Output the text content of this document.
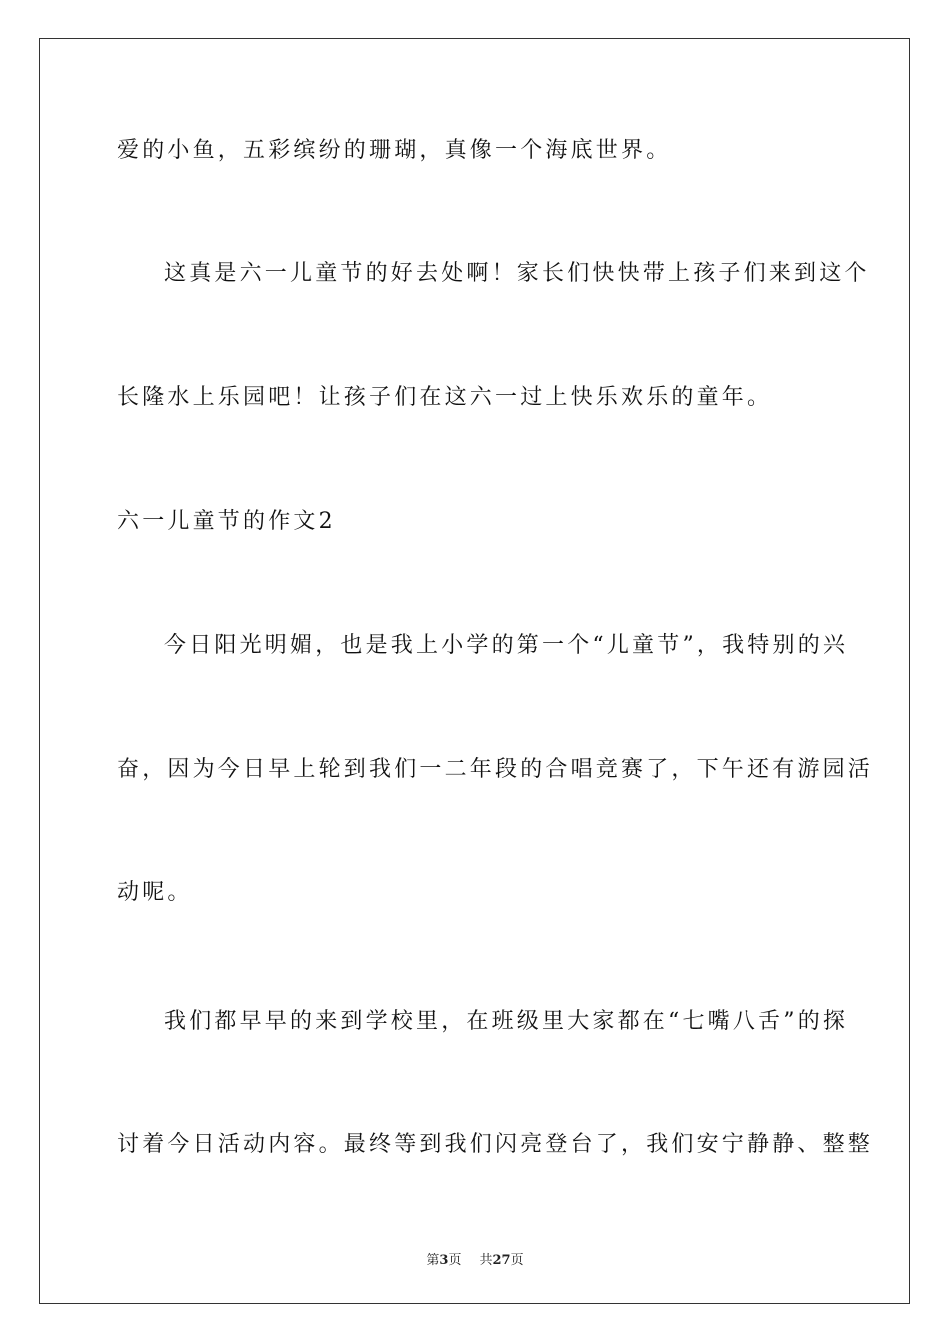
爱的小鱼，五彩缤纷的珊瑚，真像一个海底世界。
这真是六一儿童节的好去处啊！家长们快快带上孩子们来到这个
长隆水上乐园吧！让孩子们在这六一过上快乐欢乐的童年。
六一儿童节的作文2
今日阳光明媚，也是我上小学的第一个“儿童节”，我特别的兴
奋，因为今日早上轮到我们一二年段的合唱竞赛了，下午还有游园活
动呢。
我们都早早的来到学校里，在班级里大家都在“七嘴八舌”的探
讨着今日活动内容。最终等到我们闪亮登台了，我们安宁静静、整整
第3页 共27页
